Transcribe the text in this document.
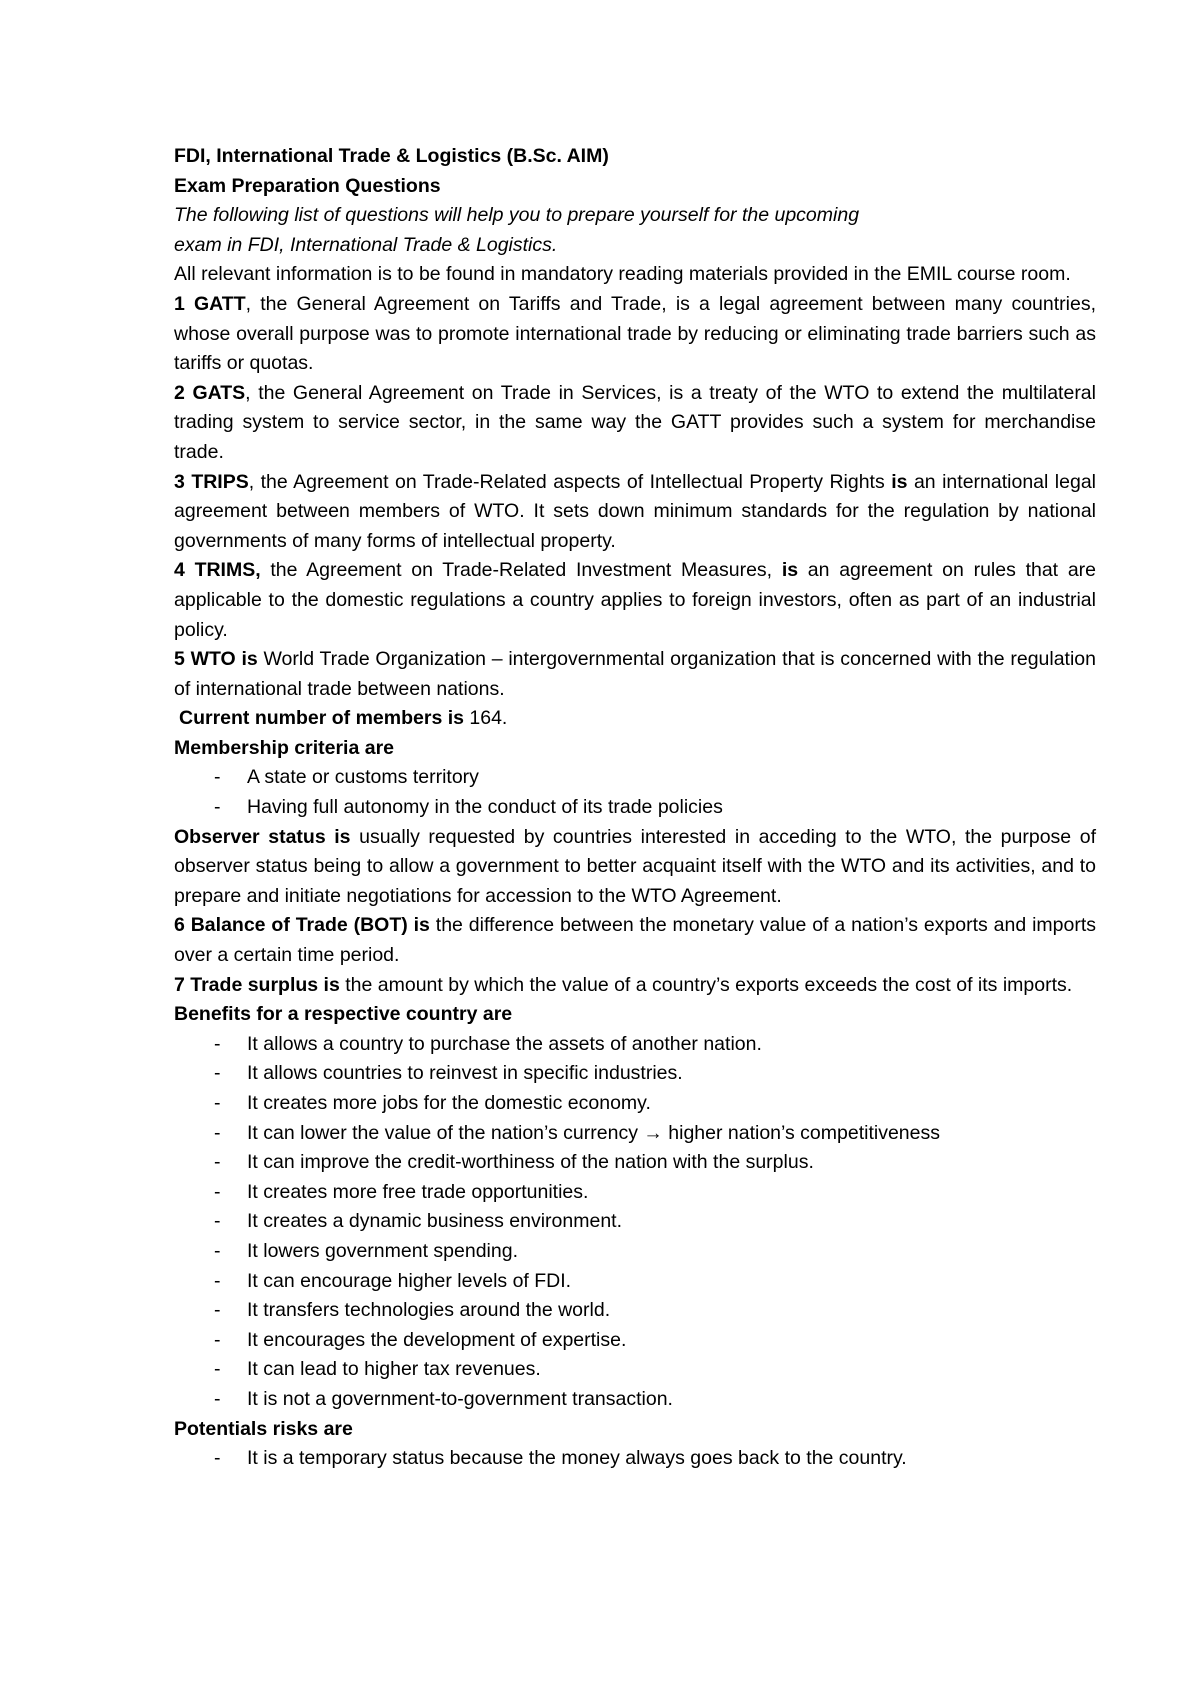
FDI, International Trade & Logistics (B.Sc. AIM)

Exam Preparation Questions

The following list of questions will help you to prepare yourself for the upcoming

exam in FDI, International Trade & Logistics.

All relevant information is to be found in mandatory reading materials provided in the EMIL course room.

1 GATT, the General Agreement on Tariffs and Trade, is a legal agreement between many countries, whose overall purpose was to promote international trade by reducing or eliminating trade barriers such as tariffs or quotas.

2 GATS, the General Agreement on Trade in Services, is a treaty of the WTO to extend the multilateral trading system to service sector, in the same way the GATT provides such a system for merchandise trade.

3 TRIPS, the Agreement on Trade-Related aspects of Intellectual Property Rights is an international legal agreement between members of WTO. It sets down minimum standards for the regulation by national governments of many forms of intellectual property.

4 TRIMS, the Agreement on Trade-Related Investment Measures, is an agreement on rules that are applicable to the domestic regulations a country applies to foreign investors, often as part of an industrial policy.

5 WTO is World Trade Organization – intergovernmental organization that is concerned with the regulation of international trade between nations.

Current number of members is 164.

Membership criteria are

- A state or customs territory
- Having full autonomy in the conduct of its trade policies

Observer status is usually requested by countries interested in acceding to the WTO, the purpose of observer status being to allow a government to better acquaint itself with the WTO and its activities, and to prepare and initiate negotiations for accession to the WTO Agreement.

6 Balance of Trade (BOT) is the difference between the monetary value of a nation’s exports and imports over a certain time period.

7 Trade surplus is the amount by which the value of a country’s exports exceeds the cost of its imports.

Benefits for a respective country are

- It allows a country to purchase the assets of another nation.
- It allows countries to reinvest in specific industries.
- It creates more jobs for the domestic economy.
- It can lower the value of the nation’s currency → higher nation’s competitiveness
- It can improve the credit-worthiness of the nation with the surplus.
- It creates more free trade opportunities.
- It creates a dynamic business environment.
- It lowers government spending.
- It can encourage higher levels of FDI.
- It transfers technologies around the world.
- It encourages the development of expertise.
- It can lead to higher tax revenues.
- It is not a government-to-government transaction.

Potentials risks are

- It is a temporary status because the money always goes back to the country.
